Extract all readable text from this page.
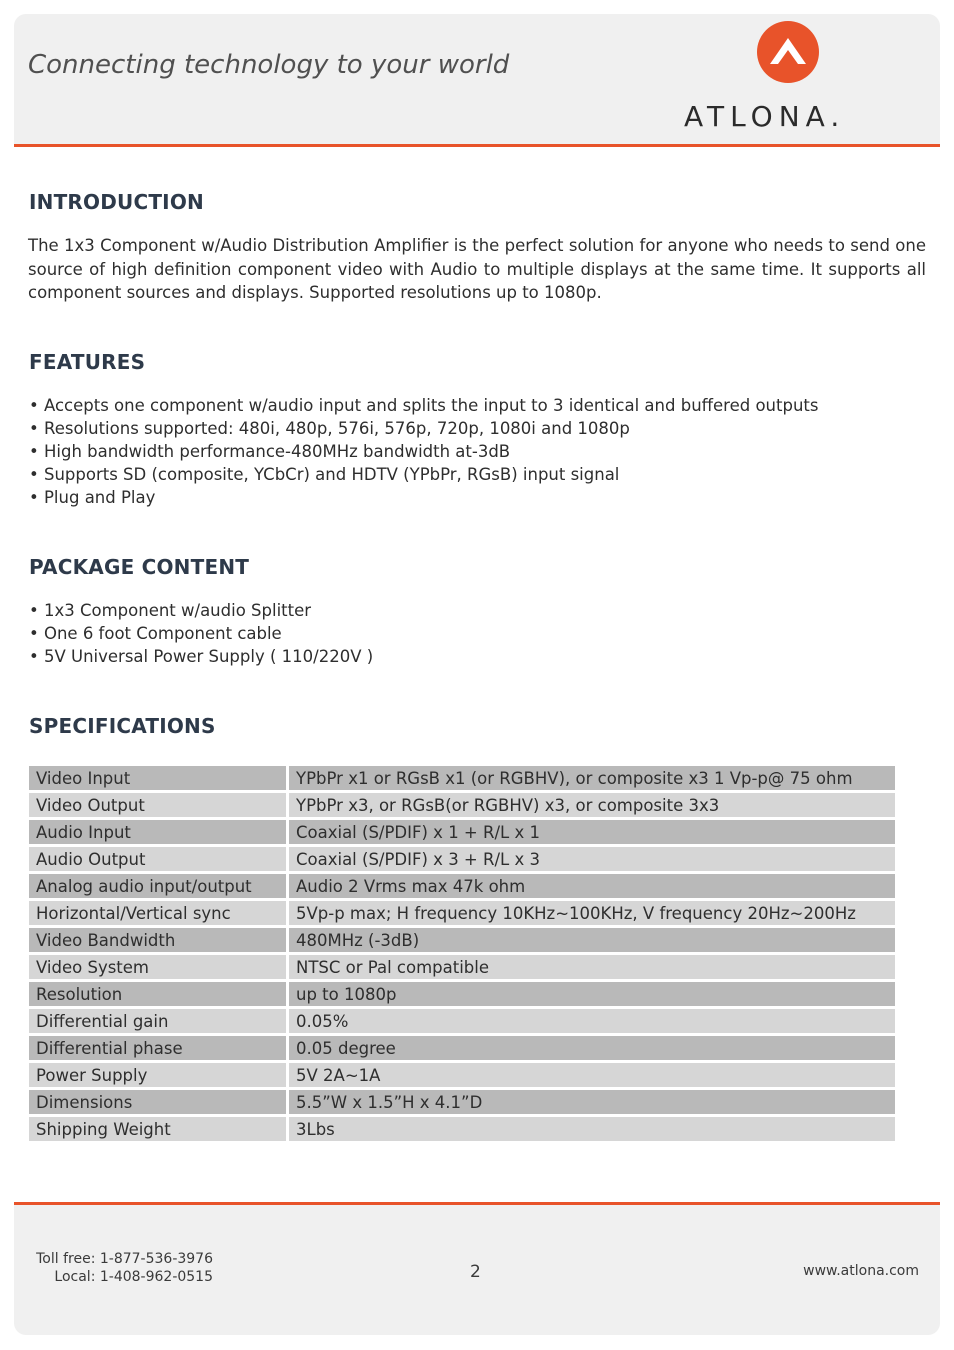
Connecting technology to your world
ATLONA.
INTRODUCTION
The 1x3 Component w/Audio Distribution Amplifier is the perfect solution for anyone who needs to send one source of high definition component video with Audio to multiple displays at the same time. It supports all component sources and displays. Supported resolutions up to 1080p.
FEATURES
• Accepts one component w/audio input and splits the input to 3 identical and buffered outputs
• Resolutions supported: 480i, 480p, 576i, 576p, 720p, 1080i and 1080p
• High bandwidth performance-480MHz bandwidth at-3dB
• Supports SD (composite, YCbCr) and HDTV (YPbPr, RGsB) input signal
• Plug and Play
PACKAGE CONTENT
• 1x3 Component w/audio Splitter
• One 6 foot Component cable
• 5V Universal Power Supply ( 110/220V )
SPECIFICATIONS
Video Input		YPbPr x1 or RGsB x1 (or RGBHV), or composite x3 1 Vp-p@ 75 ohm
Video Output		YPbPr x3, or RGsB(or RGBHV) x3, or composite 3x3
Audio Input		Coaxial (S/PDIF) x 1 + R/L x 1
Audio Output		Coaxial (S/PDIF) x 3 + R/L x 3
Analog audio input/output		Audio 2 Vrms max 47k ohm
Horizontal/Vertical sync		5Vp-p max; H frequency 10KHz~100KHz, V frequency 20Hz~200Hz
Video Bandwidth		480MHz (-3dB)
Video System		NTSC or Pal compatible
Resolution		up to 1080p
Differential gain		0.05%
Differential phase		0.05 degree
Power Supply		5V 2A~1A
Dimensions		5.5”W x 1.5”H x 4.1”D
Shipping Weight		3Lbs
Toll free: 1-877-536-3976
Local: 1-408-962-0515	2	www.atlona.com
